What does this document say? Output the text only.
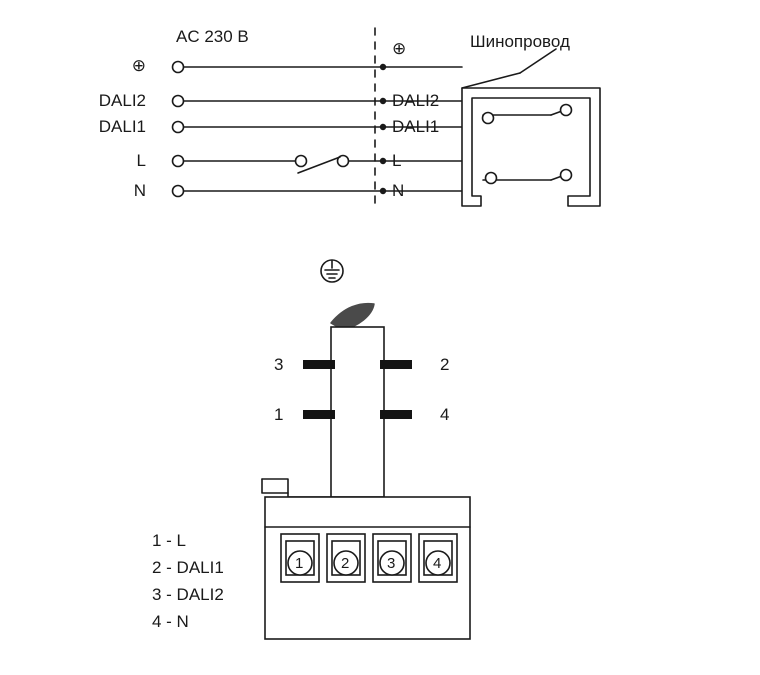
AC 230 В	Шинопровод
⊕
DALI2
DALI1
L
N
⊕
DALI2
DALI1
L
N
3
1
2
4
1	2	3	4
1 - L
2 - DALI1
3 - DALI2
4 - N
